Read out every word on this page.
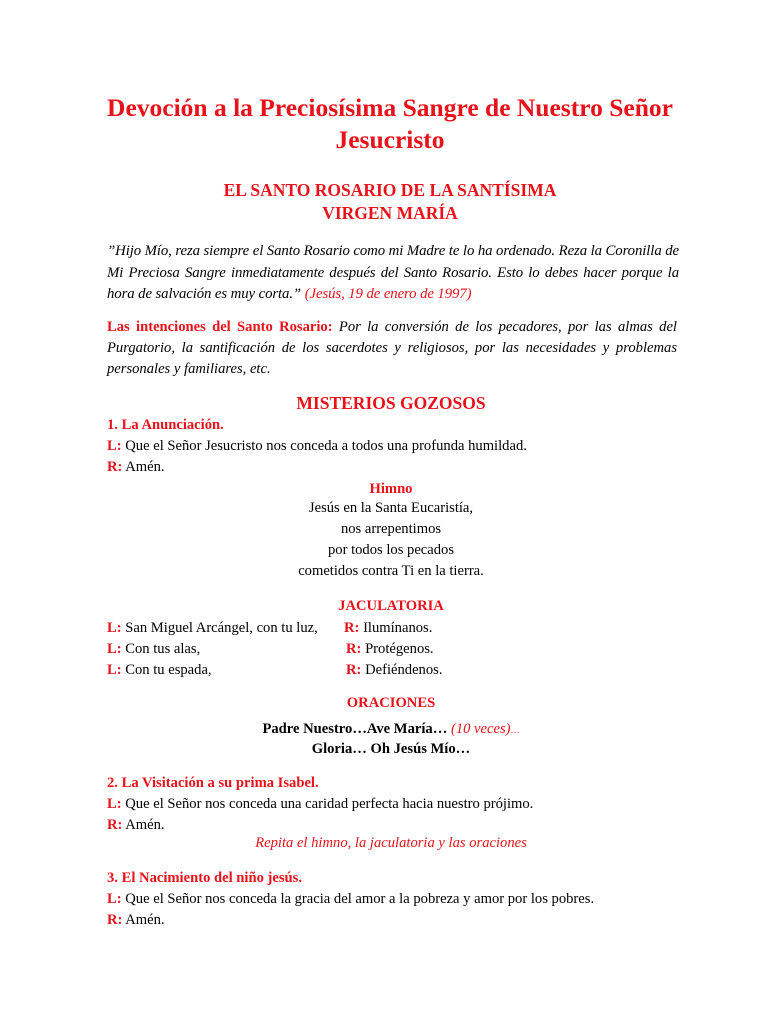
Devoción a la Preciosísima Sangre de Nuestro Señor Jesucristo
EL SANTO ROSARIO DE LA SANTÍSIMA
VIRGEN MARÍA
”Hijo Mío, reza siempre el Santo Rosario como mi Madre te lo ha ordenado. Reza la Coronilla de Mi Preciosa Sangre inmediatamente después del Santo Rosario. Esto lo debes hacer porque la hora de salvación es muy corta.” (Jesús, 19 de enero de 1997)
Las intenciones del Santo Rosario: Por la conversión de los pecadores, por las almas del Purgatorio, la santificación de los sacerdotes y religiosos, por las necesidades y problemas personales y familiares, etc.
MISTERIOS GOZOSOS
1. La Anunciación.
L: Que el Señor Jesucristo nos conceda a todos una profunda humildad.
R: Amén.
Himno
Jesús en la Santa Eucaristía,
nos arrepentimos
por todos los pecados
cometidos contra Ti en la tierra.
JACULATORIA
L: San Miguel Arcángel, con tu luz, R: Ilumínanos.
L: Con tus alas,	R: Protégenos.
L: Con tu espada,	R: Defiéndenos.
ORACIONES
Padre Nuestro…Ave María… (10 veces)…
Gloria… Oh Jesús Mío…
2. La Visitación a su prima Isabel.
L: Que el Señor nos conceda una caridad perfecta hacia nuestro prójimo.
R: Amén.
Repita el himno, la jaculatoria y las oraciones
3. El Nacimiento del niño jesús.
L: Que el Señor nos conceda la gracia del amor a la pobreza y amor por los pobres.
R: Amén.
